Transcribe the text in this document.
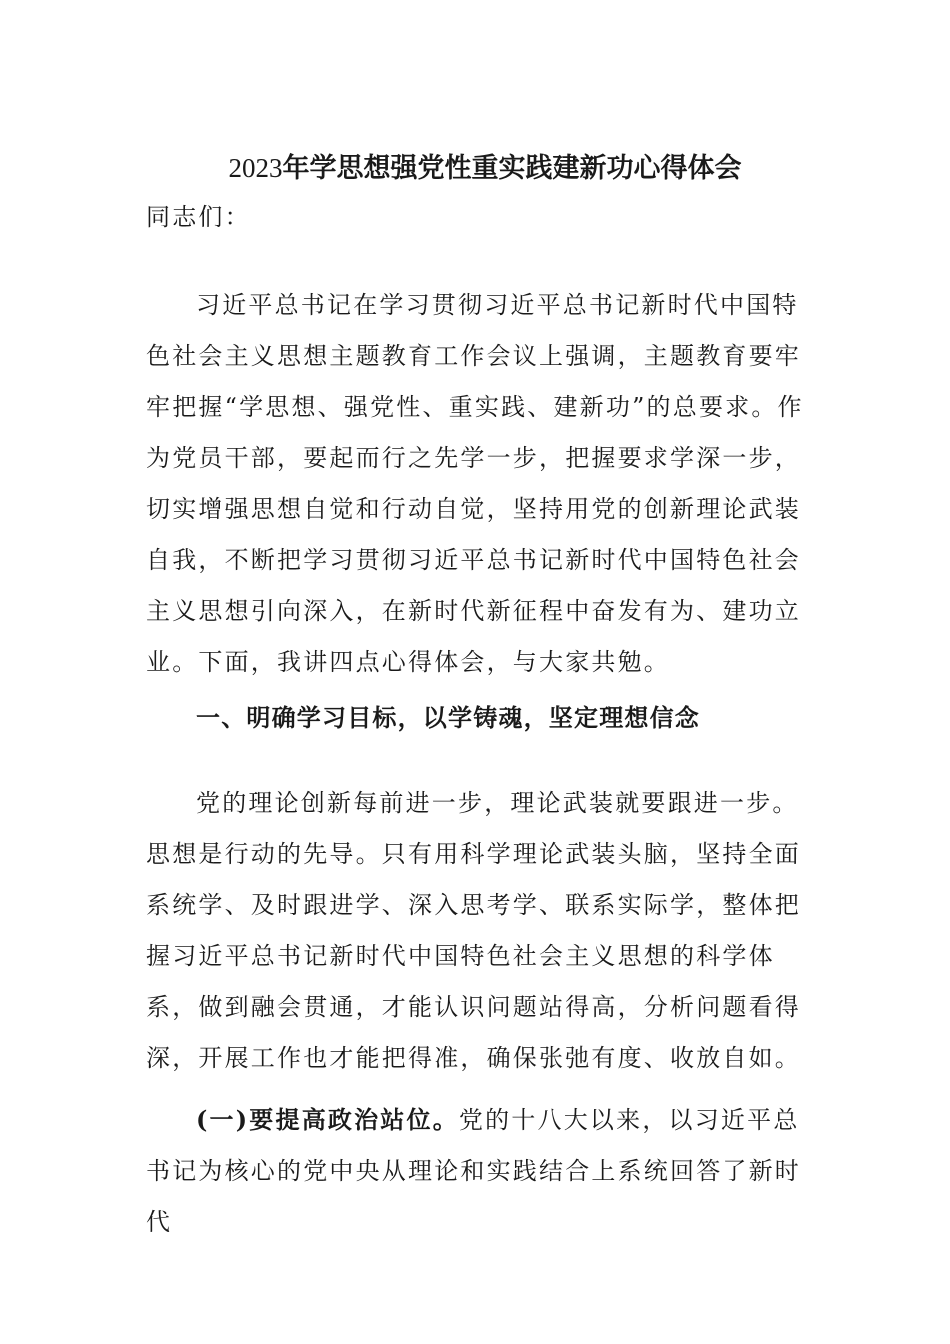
2023年学思想强党性重实践建新功心得体会

同志们：

习近平总书记在学习贯彻习近平总书记新时代中国特色社会主义思想主题教育工作会议上强调，主题教育要牢牢把握“学思想、强党性、重实践、建新功”的总要求。作为党员干部，要起而行之先学一步，把握要求学深一步，切实增强思想自觉和行动自觉，坚持用党的创新理论武装自我，不断把学习贯彻习近平总书记新时代中国特色社会主义思想引向深入，在新时代新征程中奋发有为、建功立业。下面，我讲四点心得体会，与大家共勉。

一、明确学习目标，以学铸魂，坚定理想信念

党的理论创新每前进一步，理论武装就要跟进一步。思想是行动的先导。只有用科学理论武装头脑，坚持全面系统学、及时跟进学、深入思考学、联系实际学，整体把握习近平总书记新时代中国特色社会主义思想的科学体系，做到融会贯通，才能认识问题站得高，分析问题看得深，开展工作也才能把得准，确保张弛有度、收放自如。

(一)要提高政治站位。党的十八大以来，以习近平总书记为核心的党中央从理论和实践结合上系统回答了新时代
